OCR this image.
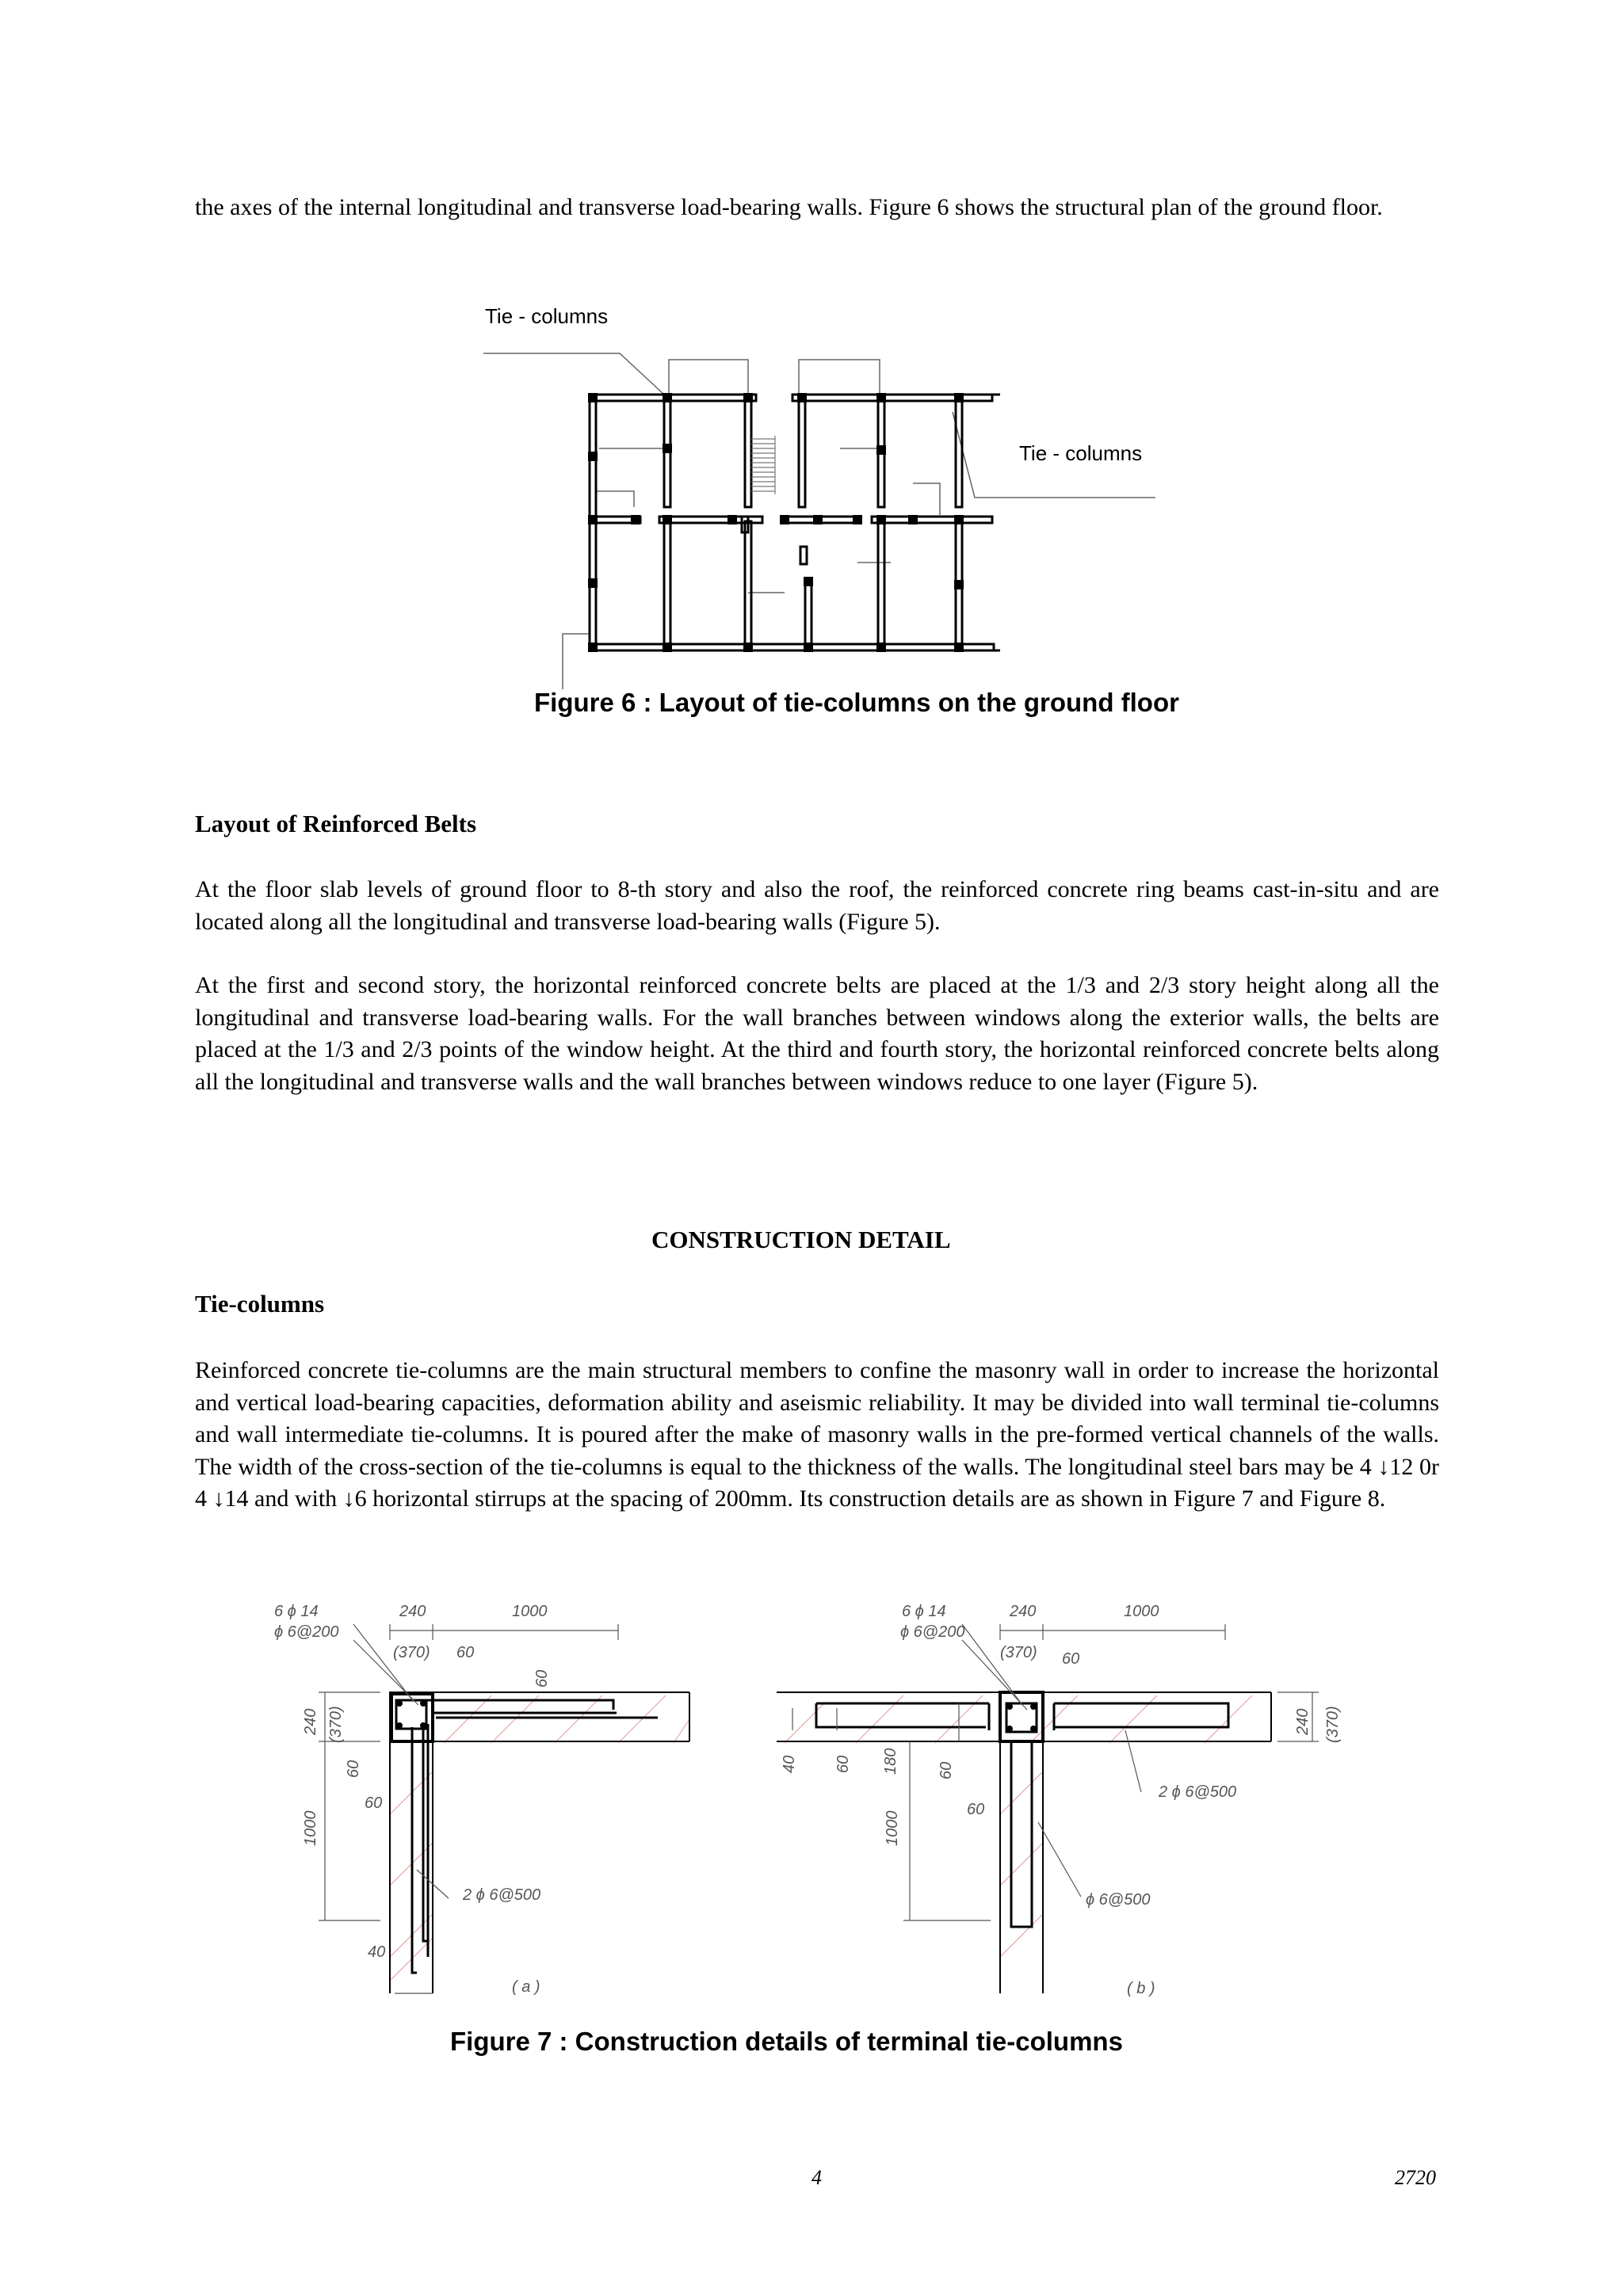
the axes of the internal longitudinal and transverse load-bearing walls. Figure 6 shows the structural plan of the ground floor.

Tie - columns
Tie - columns
Figure 6 : Layout of tie-columns on the ground floor
Layout of Reinforced Belts

At the floor slab levels of ground floor to 8-th story and also the roof, the reinforced concrete ring beams cast-in-situ and are located along all the longitudinal and transverse load-bearing walls (Figure 5).

At the first and second story, the horizontal reinforced concrete belts are placed at the 1/3 and 2/3 story height along all the longitudinal and transverse load-bearing walls. For the wall branches between windows along the exterior walls, the belts are placed at the 1/3 and 2/3 points of the window height. At the third and fourth story, the horizontal reinforced concrete belts along all the longitudinal and transverse walls and the wall branches between windows reduce to one layer (Figure 5).

CONSTRUCTION DETAIL
Tie-columns

Reinforced concrete tie-columns are the main structural members to confine the masonry wall in order to increase the horizontal and vertical load-bearing capacities, deformation ability and aseismic reliability. It may be divided into wall terminal tie-columns and wall intermediate tie-columns. It is poured after the make of masonry walls in the pre-formed vertical channels of the walls. The width of the cross-section of the tie-columns is equal to the thickness of the walls. The longitudinal steel bars may be 4 ↓12 0r 4 ↓14 and with ↓6 horizontal stirrups at the spacing of 200mm. Its construction details are as shown in Figure 7 and Figure 8.

6 ϕ 14
ϕ 6@200
240
(370)
1000
60
60
240 (370)
60
60
1000
2 ϕ 6@500
40
( a )
6 ϕ 14
ϕ 6@200
240
(370)
1000
60
240 (370)
40 60 180 60
60
1000
2 ϕ 6@500
ϕ 6@500
( b )
Figure 7 : Construction details of terminal tie-columns
4	2720
